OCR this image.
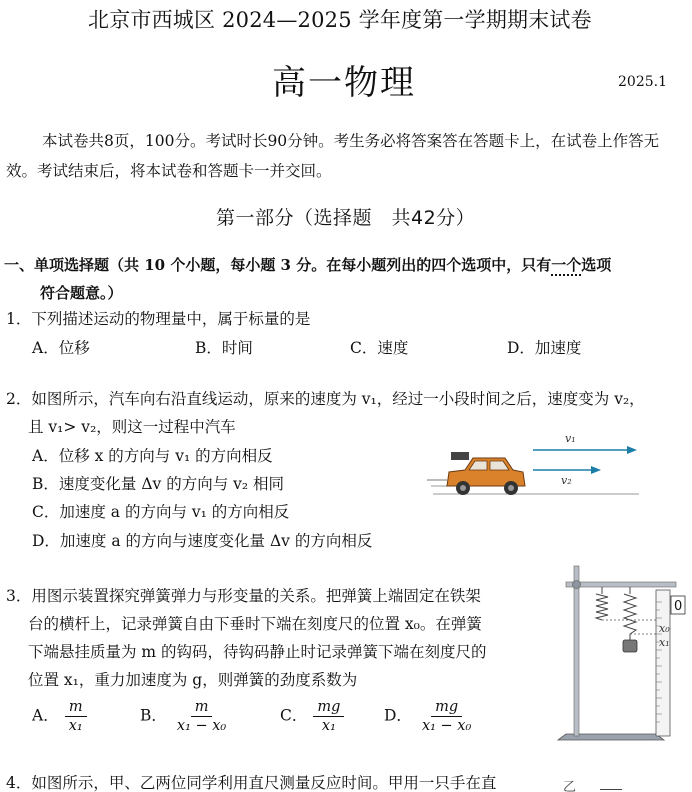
北京市西城区 2024—2025 学年度第一学期期末试卷
高一物理	2025.1
本试卷共8页，100分。考试时长90分钟。考生务必将答案答在答题卡上，在试卷上作答无效。考试结束后，将本试卷和答题卡一并交回。
第一部分（选择题　共42分）
一、单项选择题（共 10 个小题，每小题 3 分。在每小题列出的四个选项中，只有一个选项
符合题意。）
1．下列描述运动的物理量中，属于标量的是
A．位移	B．时间	C．速度	D．加速度
2．如图所示，汽车向右沿直线运动，原来的速度为 v₁，经过一小段时间之后，速度变为 v₂，
且 v₁> v₂，则这一过程中汽车
A．位移 x 的方向与 v₁ 的方向相反
B．速度变化量 Δv 的方向与 v₂ 相同
C．加速度 a 的方向与 v₁ 的方向相反
D．加速度 a 的方向与速度变化量 Δv 的方向相反
v₁
v₂
3．用图示装置探究弹簧弹力与形变量的关系。把弹簧上端固定在铁架
台的横杆上，记录弹簧自由下垂时下端在刻度尺的位置 x₀。在弹簧
下端悬挂质量为 m 的钩码，待钩码静止时记录弹簧下端在刻度尺的
位置 x₁，重力加速度为 g，则弹簧的劲度系数为
A． $\frac{m}{\text{x₁}}$	B． $\frac{m}{\text{x₁ − x₀}}$	C． $\frac{mg}{\text{x₁}}$	D． $\frac{mg}{\text{x₁ − x₀}}$
0
x₀
x₁
4．如图所示，甲、乙两位同学利用直尺测量反应时间。甲用一只手在直	乙
